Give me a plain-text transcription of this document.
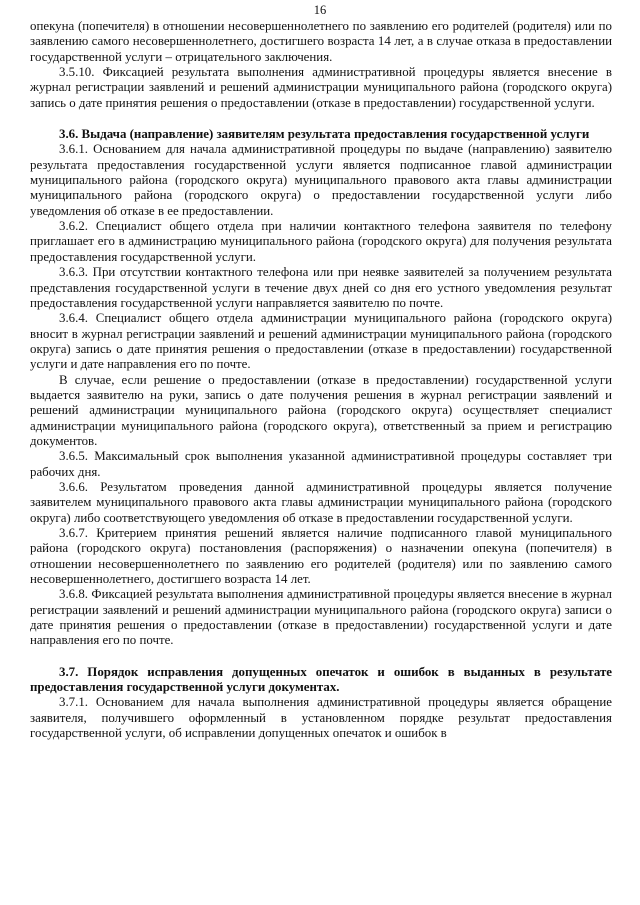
16

опекуна (попечителя) в отношении несовершеннолетнего по заявлению его родителей (родителя) или по заявлению самого несовершеннолетнего, достигшего возраста 14 лет, а в случае отказа в предоставлении государственной услуги – отрицательного заключения.

3.5.10. Фиксацией результата выполнения административной процедуры является внесение в журнал регистрации заявлений и решений администрации муниципального района (городского округа) запись о дате принятия решения о предоставлении (отказе в предоставлении) государственной услуги.

3.6. Выдача (направление) заявителям результата предоставления государственной услуги

3.6.1. Основанием для начала административной процедуры по выдаче (направлению) заявителю результата предоставления государственной услуги является подписанное главой администрации муниципального района (городского округа) муниципального правового акта главы администрации муниципального района (городского округа) о предоставлении государственной услуги либо уведомления об отказе в ее предоставлении.

3.6.2. Специалист общего отдела при наличии контактного телефона заявителя по телефону приглашает его в администрацию муниципального района (городского округа) для получения результата предоставления государственной услуги.

3.6.3. При отсутствии контактного телефона или при неявке заявителей за получением результата представления государственной услуги в течение двух дней со дня его устного уведомления результат предоставления государственной услуги направляется заявителю по почте.

3.6.4. Специалист общего отдела администрации муниципального района (городского округа) вносит в журнал регистрации заявлений и решений администрации муниципального района (городского округа) запись о дате принятия решения о предоставлении (отказе в предоставлении) государственной услуги и дате направления его по почте.

В случае, если решение о предоставлении (отказе в предоставлении) государственной услуги выдается заявителю на руки, запись о дате получения решения в журнал регистрации заявлений и решений администрации муниципального района (городского округа) осуществляет специалист администрации муниципального района (городского округа), ответственный за прием и регистрацию документов.

3.6.5. Максимальный срок выполнения указанной административной процедуры составляет три рабочих дня.

3.6.6. Результатом проведения данной административной процедуры является получение заявителем муниципального правового акта главы администрации муниципального района (городского округа) либо соответствующего уведомления об отказе в предоставлении государственной услуги.

3.6.7. Критерием принятия решений является наличие подписанного главой муниципального района (городского округа) постановления (распоряжения) о назначении опекуна (попечителя) в отношении несовершеннолетнего по заявлению его родителей (родителя) или по заявлению самого несовершеннолетнего, достигшего возраста 14 лет.

3.6.8. Фиксацией результата выполнения административной процедуры является внесение в журнал регистрации заявлений и решений администрации муниципального района (городского округа) записи о дате принятия решения о предоставлении (отказе в предоставлении) государственной услуги и дате направления его по почте.

3.7. Порядок исправления допущенных опечаток и ошибок в выданных в результате предоставления государственной услуги документах.

3.7.1. Основанием для начала выполнения административной процедуры является обращение заявителя, получившего оформленный в установленном порядке результат предоставления государственной услуги, об исправлении допущенных опечаток и ошибок в
